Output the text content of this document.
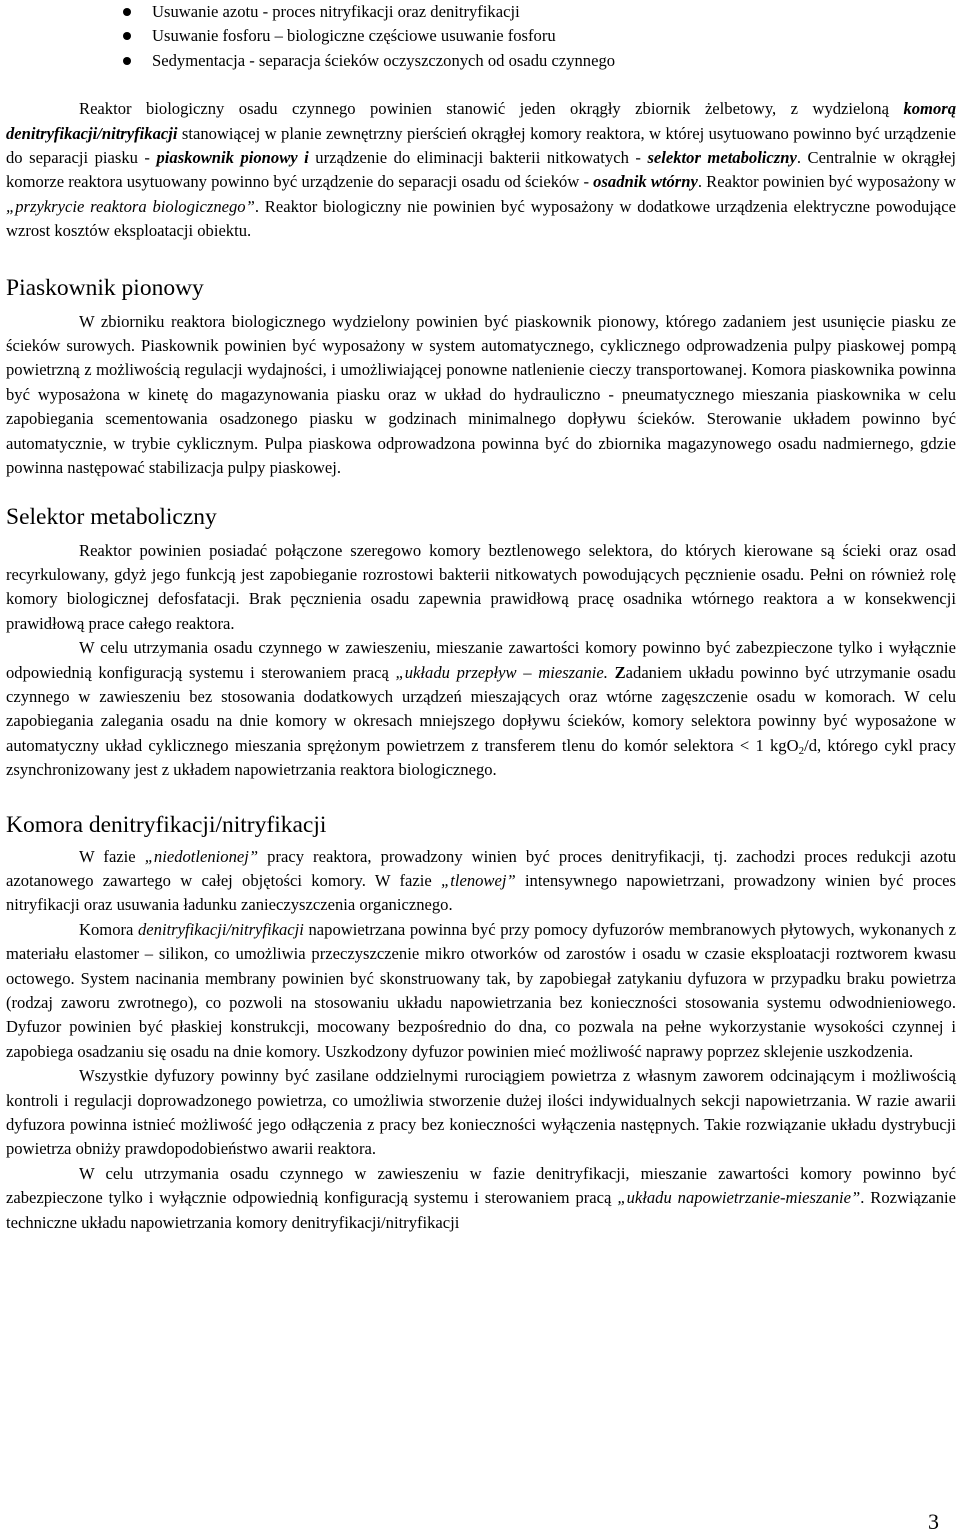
Usuwanie azotu - proces nitryfikacji oraz denitryfikacji
Usuwanie fosforu – biologiczne częściowe usuwanie fosforu
Sedymentacja - separacja ścieków oczyszczonych od osadu czynnego

Reaktor biologiczny osadu czynnego powinien stanowić jeden okrągły zbiornik żelbetowy, z wydzieloną komorą denitryfikacji/nitryfikacji stanowiącej w planie zewnętrzny pierścień okrągłej komory reaktora, w której usytuowano powinno być urządzenie do separacji piasku - piaskownik pionowy i urządzenie do eliminacji bakterii nitkowatych - selektor metaboliczny. Centralnie w okrągłej komorze reaktora usytuowany powinno być urządzenie do separacji osadu od ścieków - osadnik wtórny. Reaktor powinien być wyposażony w „przykrycie reaktora biologicznego”. Reaktor biologiczny nie powinien być wyposażony w dodatkowe urządzenia elektryczne powodujące wzrost kosztów eksploatacji obiektu.

Piaskownik pionowy

W zbiorniku reaktora biologicznego wydzielony powinien być piaskownik pionowy, którego zadaniem jest usunięcie piasku ze ścieków surowych. Piaskownik powinien być wyposażony w system automatycznego, cyklicznego odprowadzenia pulpy piaskowej pompą powietrzną z możliwością regulacji wydajności, i umożliwiającej ponowne natlenienie cieczy transportowanej. Komora piaskownika powinna być wyposażona w kinetę do magazynowania piasku oraz w układ do hydrauliczno - pneumatycznego mieszania piaskownika w celu zapobiegania scementowania osadzonego piasku w godzinach minimalnego dopływu ścieków. Sterowanie układem powinno być automatycznie, w trybie cyklicznym. Pulpa piaskowa odprowadzona powinna być do zbiornika magazynowego osadu nadmiernego, gdzie powinna następować stabilizacja pulpy piaskowej.

Selektor metaboliczny

Reaktor powinien posiadać połączone szeregowo komory beztlenowego selektora, do których kierowane są ścieki oraz osad recyrkulowany, gdyż jego funkcją jest zapobieganie rozrostowi bakterii nitkowatych powodujących pęcznienie osadu. Pełni on również rolę komory biologicznej defosfatacji. Brak pęcznienia osadu zapewnia prawidłową pracę osadnika wtórnego reaktora a w konsekwencji prawidłową prace całego reaktora.

W celu utrzymania osadu czynnego w zawieszeniu, mieszanie zawartości komory powinno być zabezpieczone tylko i wyłącznie odpowiednią konfiguracją systemu i sterowaniem pracą „układu przepływ – mieszanie. Zadaniem układu powinno być utrzymanie osadu czynnego w zawieszeniu bez stosowania dodatkowych urządzeń mieszających oraz wtórne zagęszczenie osadu w komorach. W celu zapobiegania zalegania osadu na dnie komory w okresach mniejszego dopływu ścieków, komory selektora powinny być wyposażone w automatyczny układ cyklicznego mieszania sprężonym powietrzem z transferem tlenu do komór selektora < 1 kgO$_2$/d, którego cykl pracy zsynchronizowany jest z układem napowietrzania reaktora biologicznego.

Komora denitryfikacji/nitryfikacji

W fazie „niedotlenionej” pracy reaktora, prowadzony winien być proces denitryfikacji, tj. zachodzi proces redukcji azotu azotanowego zawartego w całej objętości komory. W fazie „tlenowej” intensywnego napowietrzani, prowadzony winien być proces nitryfikacji oraz usuwania ładunku zanieczyszczenia organicznego.

Komora denitryfikacji/nitryfikacji napowietrzana powinna być przy pomocy dyfuzorów membranowych płytowych, wykonanych z materiału elastomer – silikon, co umożliwia przeczyszczenie mikro otworków od zarostów i osadu w czasie eksploatacji roztworem kwasu octowego. System nacinania membrany powinien być skonstruowany tak, by zapobiegał zatykaniu dyfuzora w przypadku braku powietrza (rodzaj zaworu zwrotnego), co pozwoli na stosowaniu układu napowietrzania bez konieczności stosowania systemu odwodnieniowego. Dyfuzor powinien być płaskiej konstrukcji, mocowany bezpośrednio do dna, co pozwala na pełne wykorzystanie wysokości czynnej i zapobiega osadzaniu się osadu na dnie komory. Uszkodzony dyfuzor powinien mieć możliwość naprawy poprzez sklejenie uszkodzenia.

Wszystkie dyfuzory powinny być zasilane oddzielnymi rurociągiem powietrza z własnym zaworem odcinającym i możliwością kontroli i regulacji doprowadzonego powietrza, co umożliwia stworzenie dużej ilości indywidualnych sekcji napowietrzania. W razie awarii dyfuzora powinna istnieć możliwość jego odłączenia z pracy bez konieczności wyłączenia następnych. Takie rozwiązanie układu dystrybucji powietrza obniży prawdopodobieństwo awarii reaktora.

W celu utrzymania osadu czynnego w zawieszeniu w fazie denitryfikacji, mieszanie zawartości komory powinno być zabezpieczone tylko i wyłącznie odpowiednią konfiguracją systemu i sterowaniem pracą „układu napowietrzanie-mieszanie”. Rozwiązanie techniczne układu napowietrzania komory denitryfikacji/nitryfikacji

3
